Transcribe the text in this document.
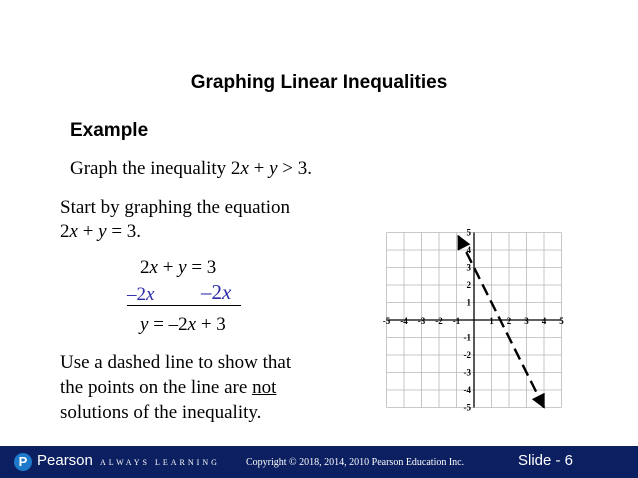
Graphing Linear Inequalities
Example
Graph the inequality 2x + y > 3.
Start by graphing the equation
2x + y = 3.
2x + y = 3
–2x –2x
y = –2x + 3
Use a dashed line to show that
the points on the line are not
solutions of the inequality.
-5 -4 -3 -2 -1	1 2 3 4 5
-5
-4
-3
-2
-1
1
2
3
4
5
P Pearson ALWAYS LEARNING	Copyright © 2018, 2014, 2010 Pearson Education Inc.	Slide - 6
